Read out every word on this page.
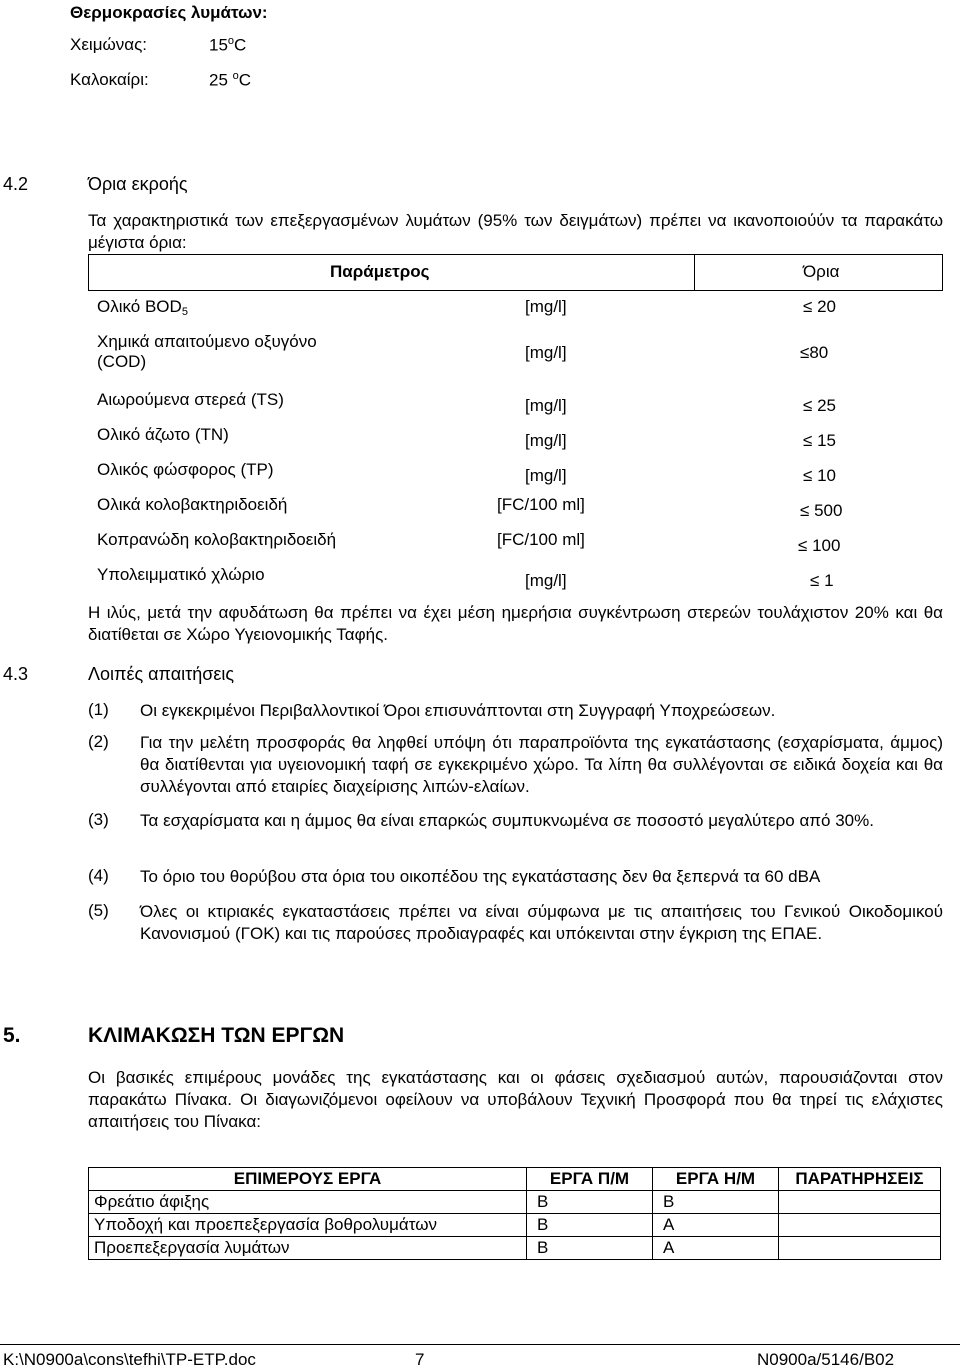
Θερμοκρασίες λυμάτων:
Χειμώνας:	15$^o$C
Καλοκαίρι:	25 $^o$C
4.2	Όρια εκροής
Τα χαρακτηριστικά των επεξεργασμένων λυμάτων (95% των δειγμάτων) πρέπει να ικανοποιούύν τα παρακάτω μέγιστα όρια:
Παράμετρος	Όρια
Ολικό $BOD_5$	[mg/l]	≤ 20
Χημικά απαιτούμενο οξυγόνο (COD)	[mg/l]	≤80
Αιωρούμενα στερεά (TS)	[mg/l]	≤ 25
Ολικό άζωτο (TN)	[mg/l]	≤ 15
Ολικός φώσφορος (TP)	[mg/l]	≤ 10
Ολικά κολοβακτηριδοειδή	[FC/100 ml]	≤ 500
Κοπρανώδη κολοβακτηριδοειδή	[FC/100 ml]	≤ 100
Υπολειμματικό χλώριο	[mg/l]	≤ 1
Η ιλύς, μετά την αφυδάτωση θα πρέπει να έχει μέση ημερήσια συγκέντρωση στερεών τουλάχιστον 20% και θα διατίθεται σε Χώρο Υγειονομικής Ταφής.
4.3	Λοιπές απαιτήσεις
(1) Οι εγκεκριμένοι Περιβαλλοντικοί Όροι επισυνάπτονται στη Συγγραφή Υποχρεώσεων.
(2) Για την μελέτη προσφοράς θα ληφθεί υπόψη ότι παραπροϊόντα της εγκατάστασης (εσχαρίσματα, άμμος) θα διατίθενται για υγειονομική ταφή σε εγκεκριμένο χώρο. Τα λίπη θα συλλέγονται σε ειδικά δοχεία και θα συλλέγονται από εταιρίες διαχείρισης λιπών-ελαίων.
(3) Τα εσχαρίσματα και η άμμος θα είναι επαρκώς συμπυκνωμένα σε ποσοστό μεγαλύτερο από 30%.
(4) Το όριο του θορύβου στα όρια του οικοπέδου της εγκατάστασης δεν θα ξεπερνά τα 60 dBA
(5) Όλες οι κτιριακές εγκαταστάσεις πρέπει να είναι σύμφωνα με τις απαιτήσεις του Γενικού Οικοδομικού Κανονισμού (ΓΟΚ) και τις παρούσες προδιαγραφές και υπόκεινται στην έγκριση της ΕΠΑΕ.
5.	ΚΛΙΜΑΚΩΣΗ ΤΩΝ ΕΡΓΩΝ
Οι βασικές επιμέρους μονάδες της εγκατάστασης και οι φάσεις σχεδιασμού αυτών, παρουσιάζονται στον παρακάτω Πίνακα. Οι διαγωνιζόμενοι οφείλουν να υποβάλουν Τεχνική Προσφορά που θα τηρεί τις ελάχιστες απαιτήσεις του Πίνακα:
ΕΠΙΜΕΡΟΥΣ ΕΡΓΑ	ΕΡΓΑ Π/Μ	ΕΡΓΑ Η/Μ	ΠΑΡΑΤΗΡΗΣΕΙΣ
Φρεάτιο άφιξης	Β	Β	
Υποδοχή και προεπεξεργασία βοθρολυμάτων	Β	Α	
Προεπεξεργασία λυμάτων	Β	Α	
K:\N0900a\cons\tefhi\TP-ETP.doc	7	N0900a/5146/B02
